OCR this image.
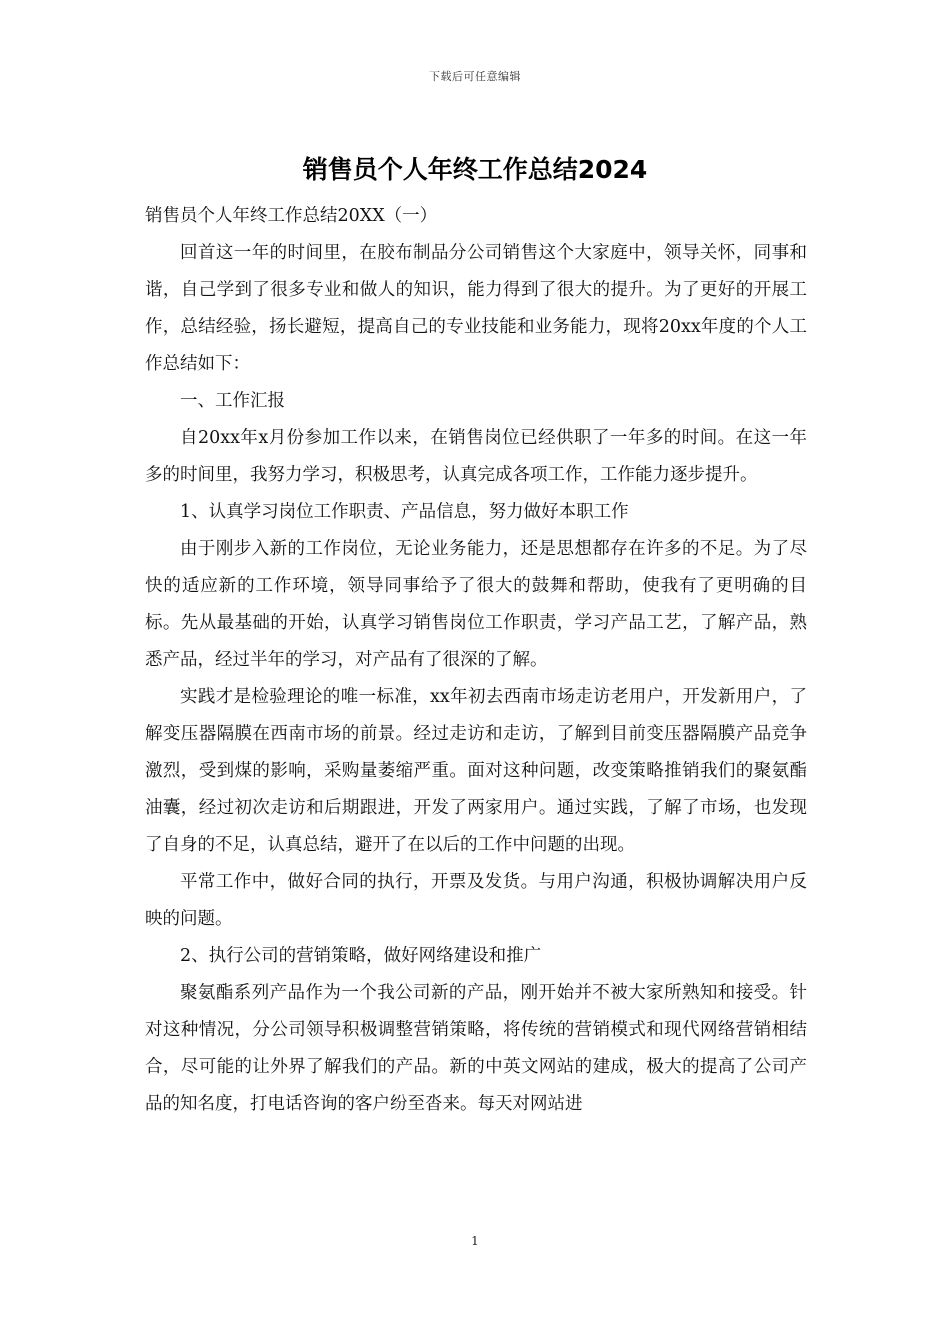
下载后可任意编辑
销售员个人年终工作总结2024

销售员个人年终工作总结20XX（一）

回首这一年的时间里，在胶布制品分公司销售这个大家庭中，领导关怀，同事和谐，自己学到了很多专业和做人的知识，能力得到了很大的提升。为了更好的开展工作，总结经验，扬长避短，提高自己的专业技能和业务能力，现将20xx年度的个人工作总结如下：

一、工作汇报

自20xx年x月份参加工作以来，在销售岗位已经供职了一年多的时间。在这一年多的时间里，我努力学习，积极思考，认真完成各项工作，工作能力逐步提升。

1、认真学习岗位工作职责、产品信息，努力做好本职工作

由于刚步入新的工作岗位，无论业务能力，还是思想都存在许多的不足。为了尽快的适应新的工作环境，领导同事给予了很大的鼓舞和帮助，使我有了更明确的目标。先从最基础的开始，认真学习销售岗位工作职责，学习产品工艺，了解产品，熟悉产品，经过半年的学习，对产品有了很深的了解。

实践才是检验理论的唯一标准，xx年初去西南市场走访老用户，开发新用户，了解变压器隔膜在西南市场的前景。经过走访和走访，了解到目前变压器隔膜产品竞争激烈，受到煤的影响，采购量萎缩严重。面对这种问题，改变策略推销我们的聚氨酯油囊，经过初次走访和后期跟进，开发了两家用户。通过实践，了解了市场，也发现了自身的不足，认真总结，避开了在以后的工作中问题的出现。

平常工作中，做好合同的执行，开票及发货。与用户沟通，积极协调解决用户反映的问题。

2、执行公司的营销策略，做好网络建设和推广

聚氨酯系列产品作为一个我公司新的产品，刚开始并不被大家所熟知和接受。针对这种情况，分公司领导积极调整营销策略，将传统的营销模式和现代网络营销相结合，尽可能的让外界了解我们的产品。新的中英文网站的建成，极大的提高了公司产品的知名度，打电话咨询的客户纷至沓来。每天对网站进

1
